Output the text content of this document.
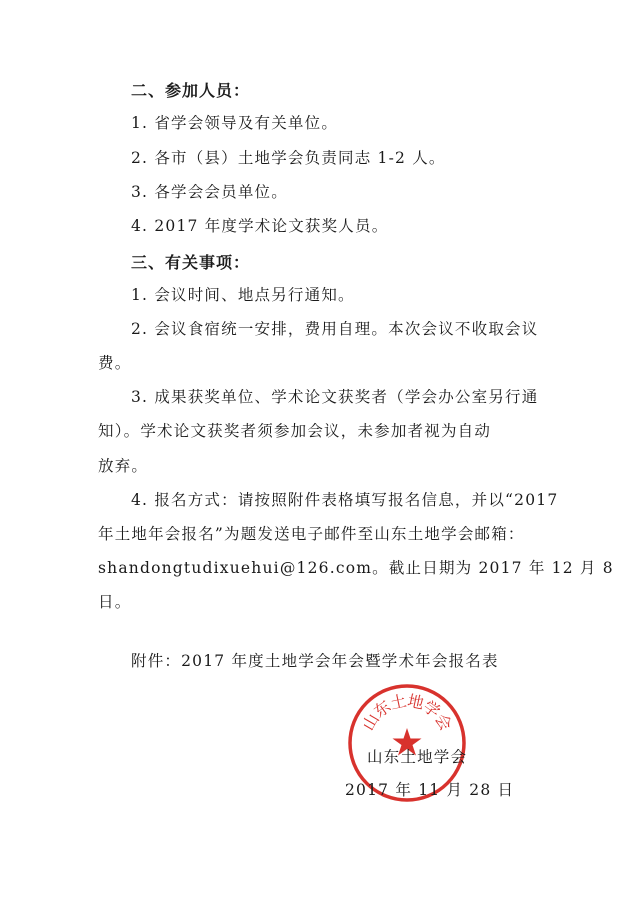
二、参加人员：
1. 省学会领导及有关单位。
2. 各市（县）土地学会负责同志 1-2 人。
3. 各学会会员单位。
4. 2017 年度学术论文获奖人员。
三、有关事项：
1. 会议时间、地点另行通知。
2. 会议食宿统一安排，费用自理。本次会议不收取会议
费。
3. 成果获奖单位、学术论文获奖者（学会办公室另行通
知）。学术论文获奖者须参加会议，未参加者视为自动
放弃。
4. 报名方式：请按照附件表格填写报名信息，并以“2017
年土地年会报名”为题发送电子邮件至山东土地学会邮箱：
shandongtudixuehui@126.com。截止日期为 2017 年 12 月 8
日。
附件：2017 年度土地学会年会暨学术年会报名表
山
东
土
地
学
会
山东土地学会
2017 年 11 月 28 日
